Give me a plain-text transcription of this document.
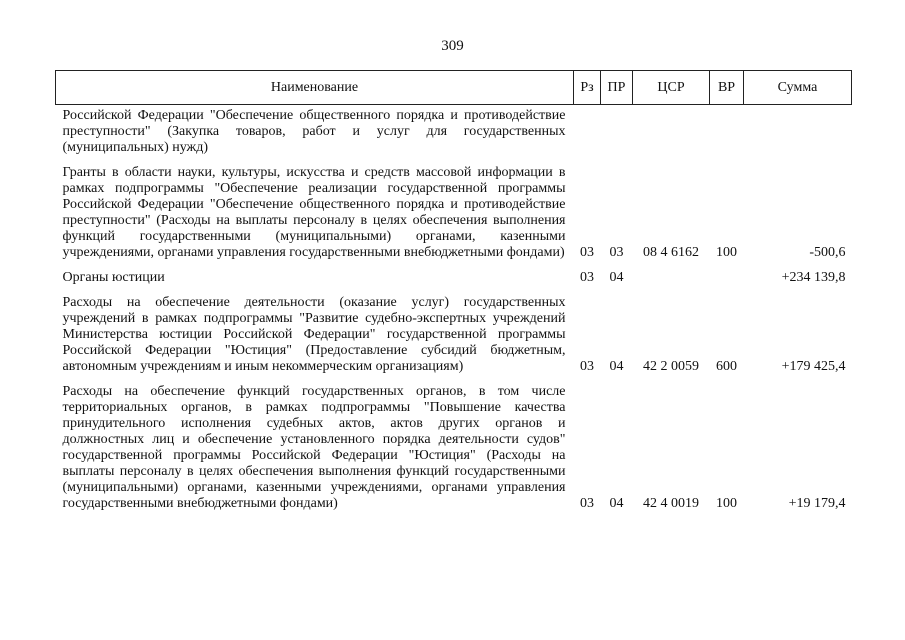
309
Наименование	Рз	ПР	ЦСР	ВР	Сумма
Российской Федерации "Обеспечение общественного порядка и противодействие преступности" (Закупка товаров, работ и услуг для государственных (муниципальных) нужд)					
Гранты в области науки, культуры, искусства и средств массовой информации в рамках подпрограммы "Обеспечение реализации государственной программы Российской Федерации "Обеспечение общественного порядка и противодействие преступности" (Расходы на выплаты персоналу в целях обеспечения выполнения функций государственными (муниципальными) органами, казенными учреждениями, органами управления государственными внебюджетными фондами)	03	03	08 4 6162	100	-500,6
Органы юстиции	03	04			+234 139,8
Расходы на обеспечение деятельности (оказание услуг) государственных учреждений в рамках подпрограммы "Развитие судебно-экспертных учреждений Министерства юстиции Российской Федерации" государственной программы Российской Федерации "Юстиция" (Предоставление субсидий бюджетным, автономным учреждениям и иным некоммерческим организациям)	03	04	42 2 0059	600	+179 425,4
Расходы на обеспечение функций государственных органов, в том числе территориальных органов, в рамках подпрограммы "Повышение качества принудительного исполнения судебных актов, актов других органов и должностных лиц и обеспечение установленного порядка деятельности судов" государственной программы Российской Федерации "Юстиция" (Расходы на выплаты персоналу в целях обеспечения выполнения функций государственными (муниципальными) органами, казенными учреждениями, органами управления государственными внебюджетными фондами)	03	04	42 4 0019	100	+19 179,4
